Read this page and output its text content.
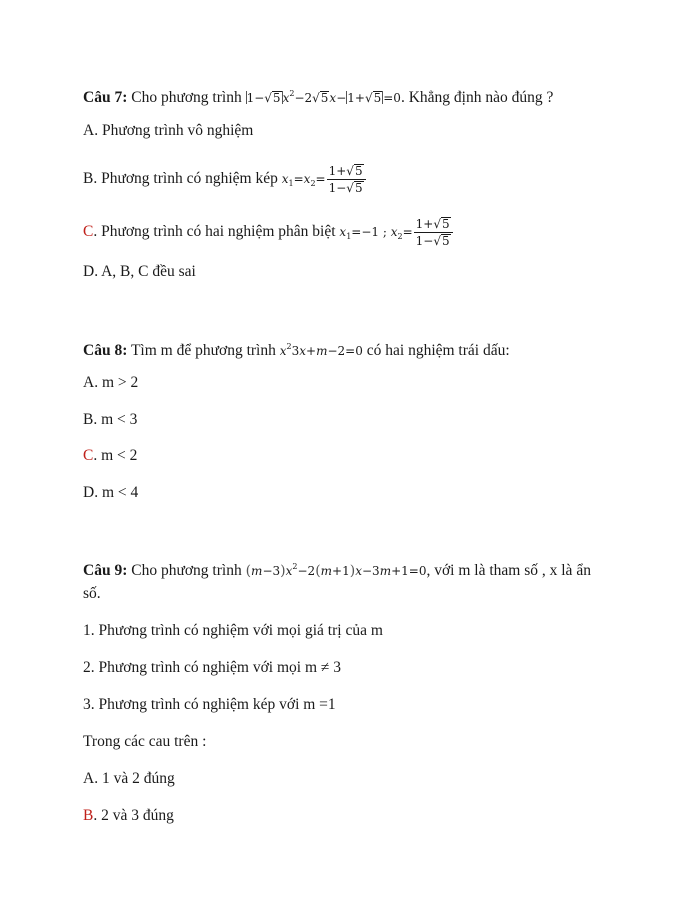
Câu 7: Cho phương trình 1−√5 $x^2-2√5x-1+√5 =0$. Khẳng định nào đúng ?
A. Phương trình vô nghiệm
B. Phương trình có nghiệm kép $x_1=x_2= \frac{1+√5}{1-√5}$
C. Phương trình có hai nghiệm phân biệt $x_1=-1$ ; $x_2= \frac{1+√5}{1-√5}$
D. A, B, C đều sai
Câu 8: Tìm m để phương trình $x^23x+m-2=0$ có hai nghiệm trái dấu:
A. m > 2
B. m < 3
C. m < 2
D. m < 4
Câu 9: Cho phương trình $(m-3)x^2-2(m+1)x-3m+1=0$, với m là tham số , x là ẩn
số.
1. Phương trình có nghiệm với mọi giá trị của m
2. Phương trình có nghiệm với mọi m ≠ 3
3. Phương trình có nghiệm kép với m =1
Trong các cau trên :
A. 1 và 2 đúng
B. 2 và 3 đúng
